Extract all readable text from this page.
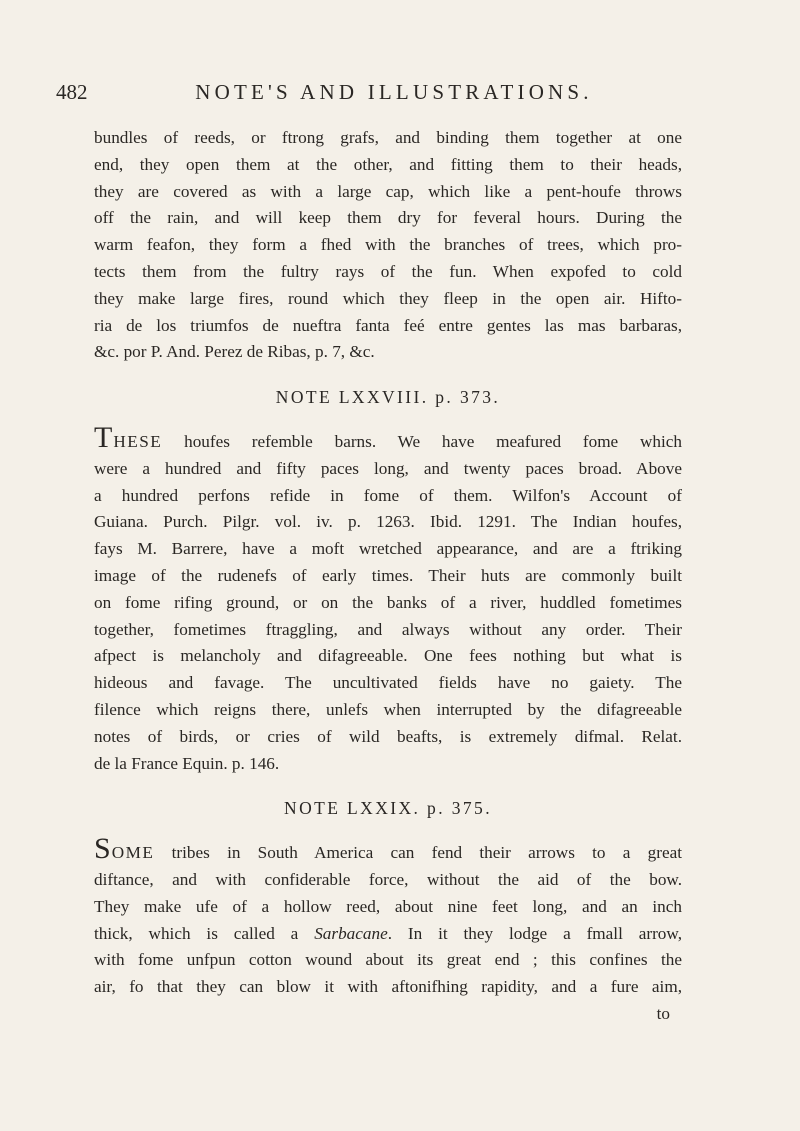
482	NOTE'S AND ILLUSTRATIONS.

bundles of reeds, or ftrong grafs, and binding them together at one
end, they open them at the other, and fitting them to their heads,
they are covered as with a large cap, which like a pent-houfe throws
off the rain, and will keep them dry for feveral hours. During the
warm feafon, they form a fhed with the branches of trees, which pro-
tects them from the fultry rays of the fun. When expofed to cold
they make large fires, round which they fleep in the open air. Hifto-
ria de los triumfos de nueftra fanta feé entre gentes las mas barbaras,
&c. por P. And. Perez de Ribas, p. 7, &c.

NOTE LXXVIII. p. 373.

THESE houfes refemble barns. We have meafured fome which
were a hundred and fifty paces long, and twenty paces broad. Above
a hundred perfons refide in fome of them. Wilfon's Account of
Guiana. Purch. Pilgr. vol. iv. p. 1263. Ibid. 1291. The Indian houfes,
fays M. Barrere, have a moft wretched appearance, and are a ftriking
image of the rudenefs of early times. Their huts are commonly built
on fome rifing ground, or on the banks of a river, huddled fometimes
together, fometimes ftraggling, and always without any order. Their
afpect is melancholy and difagreeable. One fees nothing but what is
hideous and favage. The uncultivated fields have no gaiety. The
filence which reigns there, unlefs when interrupted by the difagreeable
notes of birds, or cries of wild beafts, is extremely difmal. Relat.
de la France Equin. p. 146.

NOTE LXXIX. p. 375.

SOME tribes in South America can fend their arrows to a great
diftance, and with confiderable force, without the aid of the bow.
They make ufe of a hollow reed, about nine feet long, and an inch
thick, which is called a Sarbacane. In it they lodge a fmall arrow,
with fome unfpun cotton wound about its great end ; this confines the
air, fo that they can blow it with aftonifhing rapidity, and a fure aim,

to
